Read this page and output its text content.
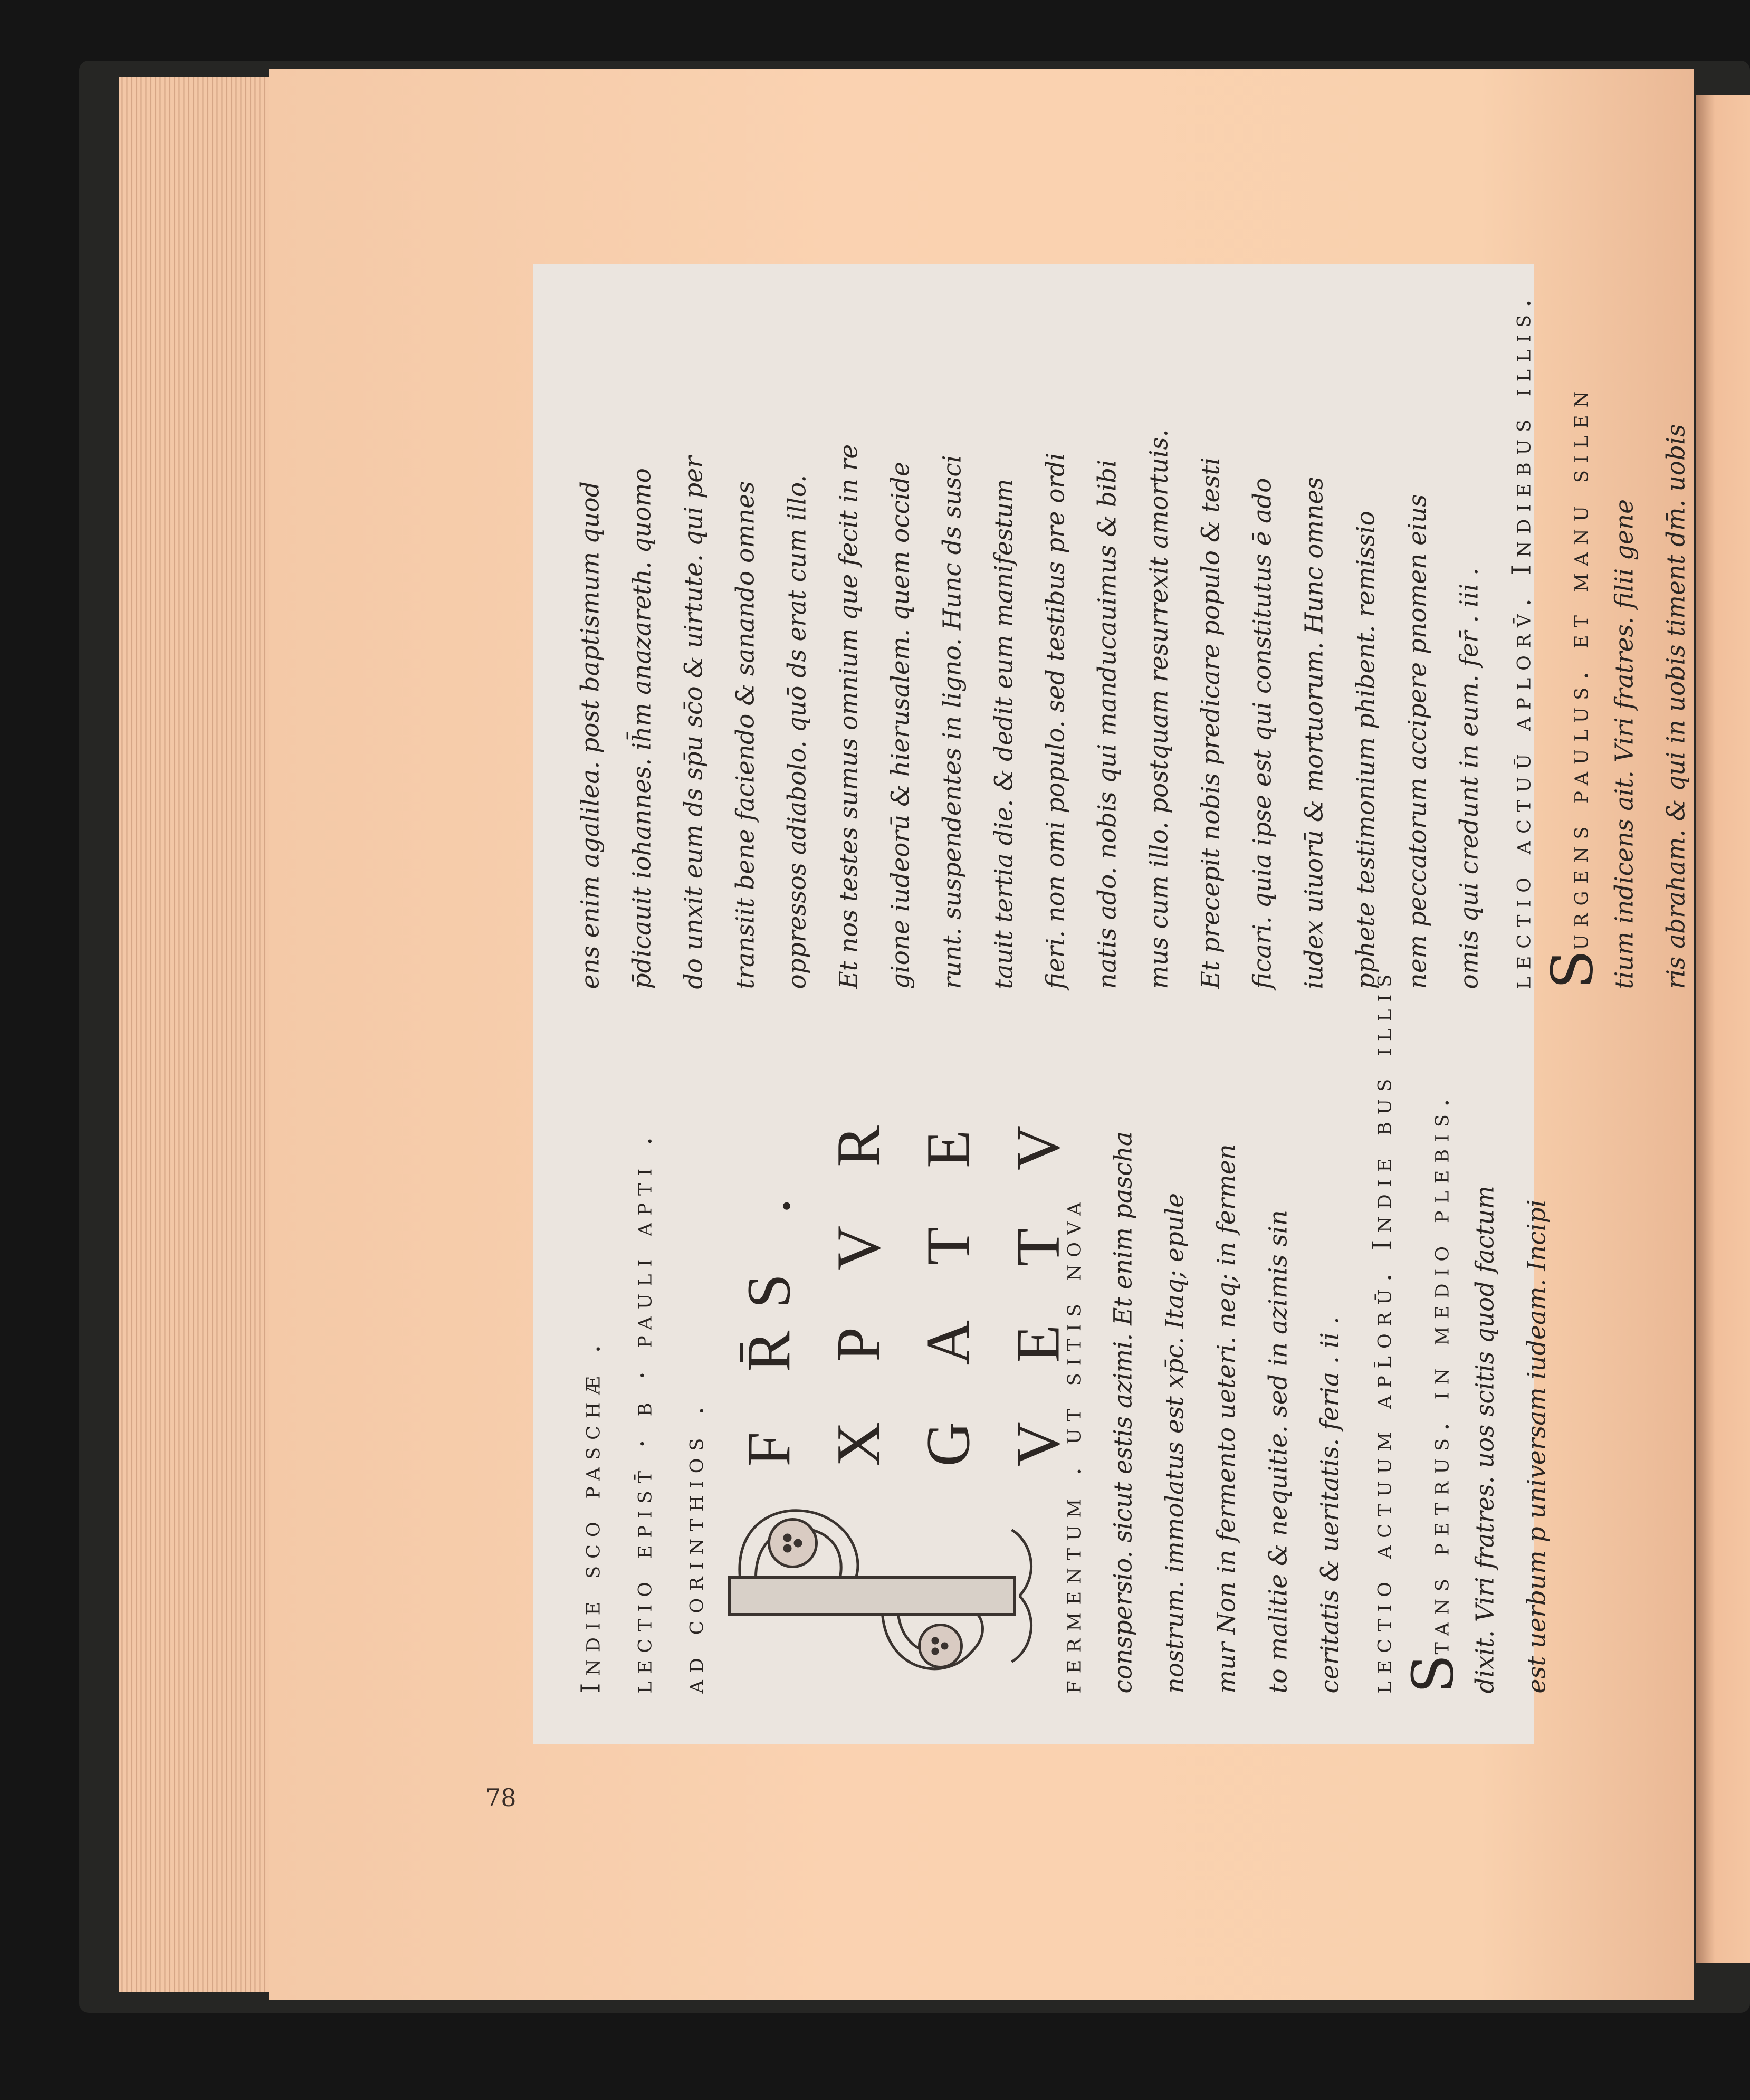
Indie sco paschæ . lectio epist̄ · b · pauli apti . ad corinthios .
F R̄S . X P V R G A T E V E T V
fermentum . ut sitis nova conspersio. sicut estis azimi. Et enim pascha nostrum. immolatus est xp̄c. Itaq; epule mur Non in fermento ueteri. neq; in fermen to malitie & nequitie. sed in azimis sin ceritatis & ueritatis. feria . ii . lectio actuum apl̄orū. Indie bus illis Stans petrus. in medio plebis. dixit. Viri fratres. uos scitis quod factum est uerbum p universam iudeam. Incipi
ens enim agalilea. post baptismum quod p̄dicauit iohannes. ih̄m anazareth. quomo do unxit eum ds sp̄u sc̄o & uirtute. qui per transiit bene faciendo & sanando omnes oppressos adiabolo. quō ds erat cum illo. Et nos testes sumus omnium que fecit in re gione iudeorū & hierusalem. quem occide runt. suspendentes in ligno. Hunc ds susci tauit tertia die. & dedit eum manifestum fieri. non omi populo. sed testibus pre ordi natis ado. nobis qui manducauimus & bibi mus cum illo. postquam resurrexit amortuis. Et precepit nobis predicare populo & testi ficari. quia ipse est qui constitutus ē ado iudex uiuorū & mortuorum. Hunc omnes pphete testimonium phibent. remissio nem peccatorum accipere pnomen eius omis qui credunt in eum. fer̄ . iii . lectio actuū aplorv̄. Indiebus illis. Surgens paulus. et manu silen tium indicens ait. Viri fratres. filii gene ris abraham. & qui in uobis timent dm̄. uobis
78
